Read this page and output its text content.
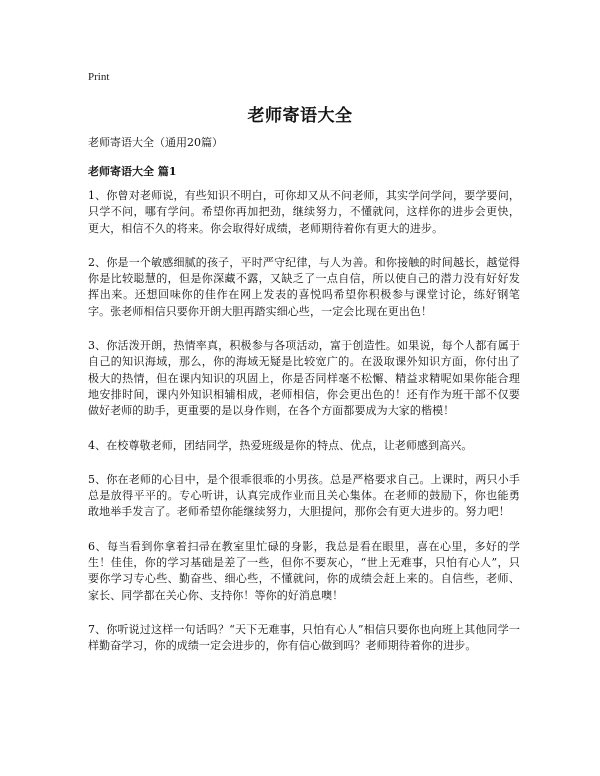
Print
老师寄语大全

老师寄语大全（通用20篇）

老师寄语大全 篇1

1、你曾对老师说，有些知识不明白，可你却又从不问老师，其实学问学问，要学要问，只学不问，哪有学问。希望你再加把劲，继续努力，不懂就问，这样你的进步会更快，更大，相信不久的将来。你会取得好成绩，老师期待着你有更大的进步。

2、你是一个敏感细腻的孩子，平时严守纪律，与人为善。和你接触的时间越长，越觉得你是比较聪慧的，但是你深藏不露，又缺乏了一点自信，所以使自己的潜力没有好好发挥出来。还想回味你的佳作在网上发表的喜悦吗希望你积极参与课堂讨论，练好钢笔字。张老师相信只要你开朗大胆再踏实细心些，一定会比现在更出色！

3、你活泼开朗，热情率真，积极参与各项活动，富于创造性。如果说，每个人都有属于自己的知识海域，那么，你的海域无疑是比较宽广的。在汲取课外知识方面，你付出了极大的热情，但在课内知识的巩固上，你是否同样毫不松懈、精益求精呢如果你能合理地安排时间，课内外知识相辅相成，老师相信，你会更出色的！还有作为班干部不仅要做好老师的助手，更重要的是以身作则，在各个方面都要成为大家的楷模！

4、在校尊敬老师，团结同学，热爱班级是你的特点、优点，让老师感到高兴。

5、你在老师的心目中，是个很乖很乖的小男孩。总是严格要求自己。上课时，两只小手总是放得平平的。专心听讲，认真完成作业而且关心集体。在老师的鼓励下，你也能勇敢地举手发言了。老师希望你能继续努力，大胆提问，那你会有更大进步的。努力吧！

6、每当看到你拿着扫帚在教室里忙碌的身影，我总是看在眼里，喜在心里，多好的学生！佳佳，你的学习基础是差了一些，但你不要灰心，“世上无难事，只怕有心人”，只要你学习专心些、勤奋些、细心些，不懂就问，你的成绩会赶上来的。自信些，老师、家长、同学都在关心你、支持你！等你的好消息噢！

7、你听说过这样一句话吗？“天下无难事，只怕有心人”相信只要你也向班上其他同学一样勤奋学习，你的成绩一定会进步的，你有信心做到吗？老师期待着你的进步。
